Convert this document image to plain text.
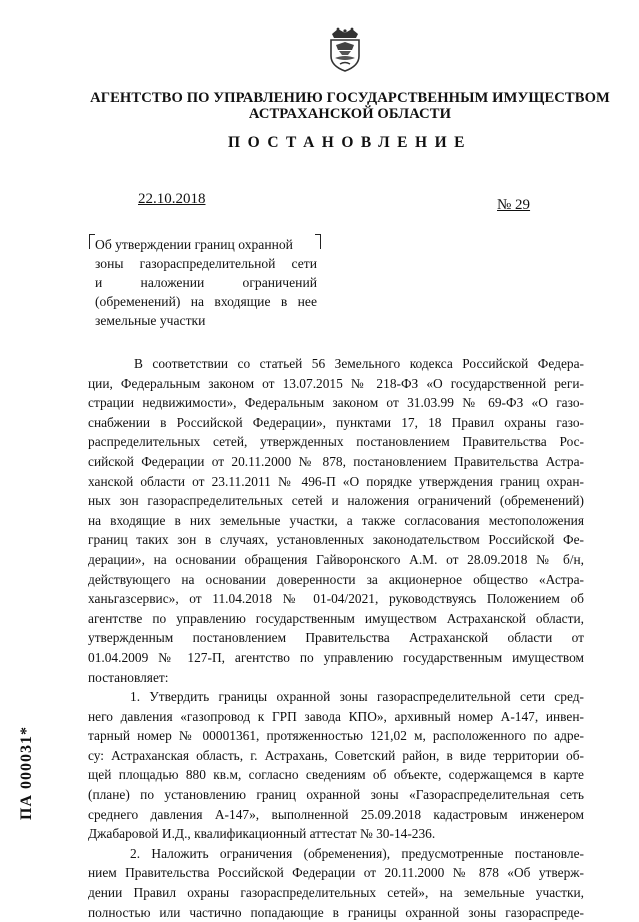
АГЕНТСТВО ПО УПРАВЛЕНИЮ ГОСУДАРСТВЕННЫМ ИМУЩЕСТВОМ
АСТРАХАНСКОЙ ОБЛАСТИ
ПОСТАНОВЛЕНИЕ
22.10.2018	№ 29
Об утверждении границ охранной
зоны газораспределительной сети
и наложении ограничений
(обременений) на входящие в нее
земельные участки
В соответствии со статьей 56 Земельного кодекса Российской Федера-
ции, Федеральным законом от 13.07.2015 № 218-ФЗ «О государственной реги-
страции недвижимости», Федеральным законом от 31.03.99 № 69-ФЗ «О газо-
снабжении в Российской Федерации», пунктами 17, 18 Правил охраны газо-
распределительных сетей, утвержденных постановлением Правительства Рос-
сийской Федерации от 20.11.2000 № 878, постановлением Правительства Астра-
ханской области от 23.11.2011 № 496-П «О порядке утверждения границ охран-
ных зон газораспределительных сетей и наложения ограничений (обременений)
на входящие в них земельные участки, а также согласования местоположения
границ таких зон в случаях, установленных законодательством Российской Фе-
дерации», на основании обращения Гайворонского А.М. от 28.09.2018 № б/н,
действующего на основании доверенности за акционерное общество «Астра-
ханьгазсервис», от 11.04.2018 № 01-04/2021, руководствуясь Положением об
агентстве по управлению государственным имуществом Астраханской области,
утвержденным постановлением Правительства Астраханской области от
01.04.2009 № 127-П, агентство по управлению государственным имуществом
постановляет:
1. Утвердить границы охранной зоны газораспределительной сети сред-
него давления «газопровод к ГРП завода КПО», архивный номер А-147, инвен-
тарный номер № 00001361, протяженностью 121,02 м, расположенного по адре-
су: Астраханская область, г. Астрахань, Советский район, в виде территории об-
щей площадью 880 кв.м, согласно сведениям об объекте, содержащемся в карте
(плане) по установлению границ охранной зоны «Газораспределительная сеть
среднего давления А-147», выполненной 25.09.2018 кадастровым инженером
Джабаровой И.Д., квалификационный аттестат № 30-14-236.
2. Наложить ограничения (обременения), предусмотренные постановле-
нием Правительства Российской Федерации от 20.11.2000 № 878 «Об утверж-
дении Правил охраны газораспределительных сетей», на земельные участки,
полностью или частично попадающие в границы охранной зоны газораспреде-
ПА 000031*
